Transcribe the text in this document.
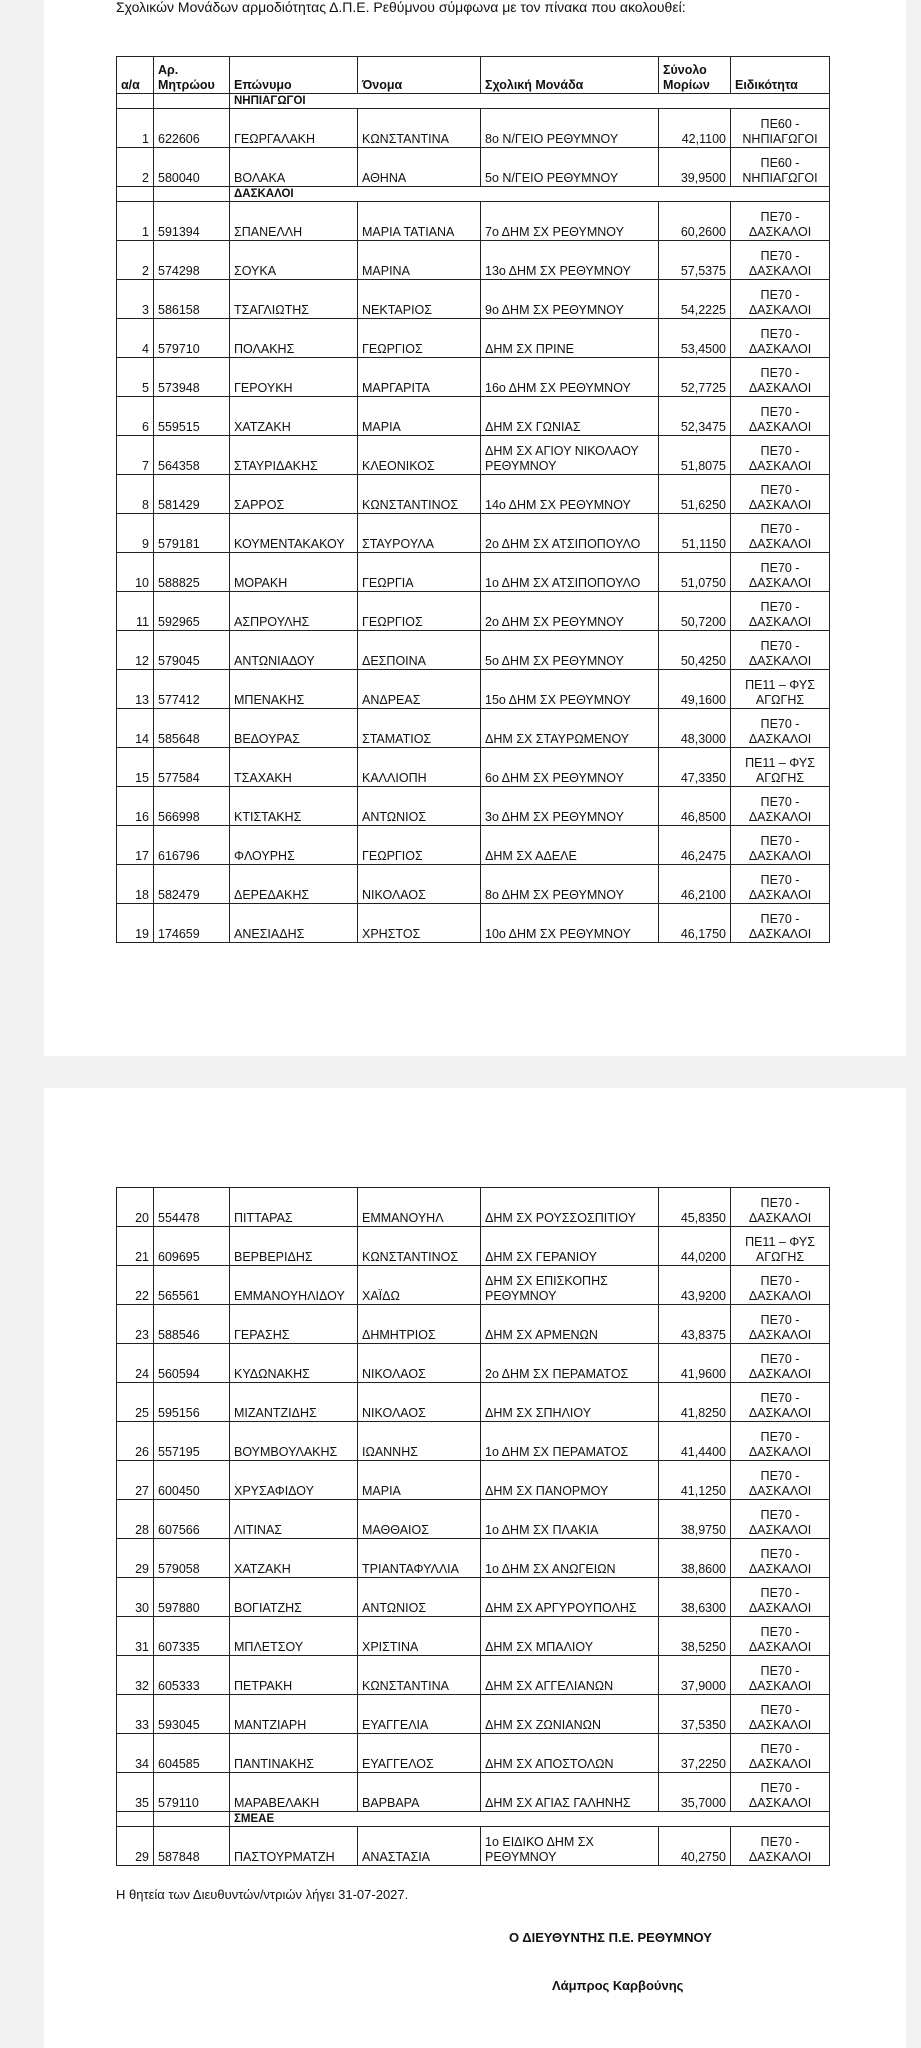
Σχολικών Μονάδων αρμοδιότητας Δ.Π.Ε. Ρεθύμνου σύμφωνα με τον πίνακα που ακολουθεί:
α/α	Αρ. Μητρώου	Επώνυμο	Όνομα	Σχολική Μονάδα	Σύνολο Μορίων	Ειδικότητα
		ΝΗΠΙΑΓΩΓΟΙ				
1	622606	ΓΕΩΡΓΑΛΑΚΗ	ΚΩΝΣΤΑΝΤΙΝΑ	8ο Ν/ΓΕΙΟ ΡΕΘΥΜΝΟΥ	42,1100	ΠΕ60 - ΝΗΠΙΑΓΩΓΟΙ
2	580040	ΒΟΛΑΚΑ	ΑΘΗΝΑ	5ο Ν/ΓΕΙΟ ΡΕΘΥΜΝΟΥ	39,9500	ΠΕ60 - ΝΗΠΙΑΓΩΓΟΙ
		ΔΑΣΚΑΛΟΙ				
1	591394	ΣΠΑΝΕΛΛΗ	ΜΑΡΙΑ ΤΑΤΙΑΝΑ	7ο ΔΗΜ ΣΧ ΡΕΘΥΜΝΟΥ	60,2600	ΠΕ70 - ΔΑΣΚΑΛΟΙ
2	574298	ΣΟΥΚΑ	ΜΑΡΙΝΑ	13ο ΔΗΜ ΣΧ ΡΕΘΥΜΝΟΥ	57,5375	ΠΕ70 - ΔΑΣΚΑΛΟΙ
3	586158	ΤΣΑΓΛΙΩΤΗΣ	ΝΕΚΤΑΡΙΟΣ	9ο ΔΗΜ ΣΧ ΡΕΘΥΜΝΟΥ	54,2225	ΠΕ70 - ΔΑΣΚΑΛΟΙ
4	579710	ΠΟΛΑΚΗΣ	ΓΕΩΡΓΙΟΣ	ΔΗΜ ΣΧ ΠΡΙΝΕ	53,4500	ΠΕ70 - ΔΑΣΚΑΛΟΙ
5	573948	ΓΕΡΟΥΚΗ	ΜΑΡΓΑΡΙΤΑ	16ο ΔΗΜ ΣΧ ΡΕΘΥΜΝΟΥ	52,7725	ΠΕ70 - ΔΑΣΚΑΛΟΙ
6	559515	ΧΑΤΖΑΚΗ	ΜΑΡΙΑ	ΔΗΜ ΣΧ ΓΩΝΙΑΣ	52,3475	ΠΕ70 - ΔΑΣΚΑΛΟΙ
7	564358	ΣΤΑΥΡΙΔΑΚΗΣ	ΚΛΕΟΝΙΚΟΣ	ΔΗΜ ΣΧ ΑΓΙΟΥ ΝΙΚΟΛΑΟΥ ΡΕΘΥΜΝΟΥ	51,8075	ΠΕ70 - ΔΑΣΚΑΛΟΙ
8	581429	ΣΑΡΡΟΣ	ΚΩΝΣΤΑΝΤΙΝΟΣ	14ο ΔΗΜ ΣΧ ΡΕΘΥΜΝΟΥ	51,6250	ΠΕ70 - ΔΑΣΚΑΛΟΙ
9	579181	ΚΟΥΜΕΝΤΑΚΑΚΟΥ	ΣΤΑΥΡΟΥΛΑ	2ο ΔΗΜ ΣΧ ΑΤΣΙΠΟΠΟΥΛΟ	51,1150	ΠΕ70 - ΔΑΣΚΑΛΟΙ
10	588825	ΜΟΡΑΚΗ	ΓΕΩΡΓΙΑ	1ο ΔΗΜ ΣΧ ΑΤΣΙΠΟΠΟΥΛΟ	51,0750	ΠΕ70 - ΔΑΣΚΑΛΟΙ
11	592965	ΑΣΠΡΟΥΛΗΣ	ΓΕΩΡΓΙΟΣ	2ο ΔΗΜ ΣΧ ΡΕΘΥΜΝΟΥ	50,7200	ΠΕ70 - ΔΑΣΚΑΛΟΙ
12	579045	ΑΝΤΩΝΙΑΔΟΥ	ΔΕΣΠΟΙΝΑ	5ο ΔΗΜ ΣΧ ΡΕΘΥΜΝΟΥ	50,4250	ΠΕ70 - ΔΑΣΚΑΛΟΙ
13	577412	ΜΠΕΝΑΚΗΣ	ΑΝΔΡΕΑΣ	15ο ΔΗΜ ΣΧ ΡΕΘΥΜΝΟΥ	49,1600	ΠΕ11 – ΦΥΣ ΑΓΩΓΗΣ
14	585648	ΒΕΔΟΥΡΑΣ	ΣΤΑΜΑΤΙΟΣ	ΔΗΜ ΣΧ ΣΤΑΥΡΩΜΕΝΟΥ	48,3000	ΠΕ70 - ΔΑΣΚΑΛΟΙ
15	577584	ΤΣΑΧΑΚΗ	ΚΑΛΛΙΟΠΗ	6ο ΔΗΜ ΣΧ ΡΕΘΥΜΝΟΥ	47,3350	ΠΕ11 – ΦΥΣ ΑΓΩΓΗΣ
16	566998	ΚΤΙΣΤΑΚΗΣ	ΑΝΤΩΝΙΟΣ	3ο ΔΗΜ ΣΧ ΡΕΘΥΜΝΟΥ	46,8500	ΠΕ70 - ΔΑΣΚΑΛΟΙ
17	616796	ΦΛΟΥΡΗΣ	ΓΕΩΡΓΙΟΣ	ΔΗΜ ΣΧ ΑΔΕΛΕ	46,2475	ΠΕ70 - ΔΑΣΚΑΛΟΙ
18	582479	ΔΕΡΕΔΑΚΗΣ	ΝΙΚΟΛΑΟΣ	8ο ΔΗΜ ΣΧ ΡΕΘΥΜΝΟΥ	46,2100	ΠΕ70 - ΔΑΣΚΑΛΟΙ
19	174659	ΑΝΕΣΙΑΔΗΣ	ΧΡΗΣΤΟΣ	10ο ΔΗΜ ΣΧ ΡΕΘΥΜΝΟΥ	46,1750	ΠΕ70 - ΔΑΣΚΑΛΟΙ
20	554478	ΠΙΤΤΑΡΑΣ	ΕΜΜΑΝΟΥΗΛ	ΔΗΜ ΣΧ ΡΟΥΣΣΟΣΠΙΤΙΟΥ	45,8350	ΠΕ70 - ΔΑΣΚΑΛΟΙ
21	609695	ΒΕΡΒΕΡΙΔΗΣ	ΚΩΝΣΤΑΝΤΙΝΟΣ	ΔΗΜ ΣΧ ΓΕΡΑΝΙΟΥ	44,0200	ΠΕ11 – ΦΥΣ ΑΓΩΓΗΣ
22	565561	ΕΜΜΑΝΟΥΗΛΙΔΟΥ	ΧΑΪΔΩ	ΔΗΜ ΣΧ ΕΠΙΣΚΟΠΗΣ ΡΕΘΥΜΝΟΥ	43,9200	ΠΕ70 - ΔΑΣΚΑΛΟΙ
23	588546	ΓΕΡΑΣΗΣ	ΔΗΜΗΤΡΙΟΣ	ΔΗΜ ΣΧ ΑΡΜΕΝΩΝ	43,8375	ΠΕ70 - ΔΑΣΚΑΛΟΙ
24	560594	ΚΥΔΩΝΑΚΗΣ	ΝΙΚΟΛΑΟΣ	2ο ΔΗΜ ΣΧ ΠΕΡΑΜΑΤΟΣ	41,9600	ΠΕ70 - ΔΑΣΚΑΛΟΙ
25	595156	ΜΙΖΑΝΤΖΙΔΗΣ	ΝΙΚΟΛΑΟΣ	ΔΗΜ ΣΧ ΣΠΗΛΙΟΥ	41,8250	ΠΕ70 - ΔΑΣΚΑΛΟΙ
26	557195	ΒΟΥΜΒΟΥΛΑΚΗΣ	ΙΩΑΝΝΗΣ	1ο ΔΗΜ ΣΧ ΠΕΡΑΜΑΤΟΣ	41,4400	ΠΕ70 - ΔΑΣΚΑΛΟΙ
27	600450	ΧΡΥΣΑΦΙΔΟΥ	ΜΑΡΙΑ	ΔΗΜ ΣΧ ΠΑΝΟΡΜΟΥ	41,1250	ΠΕ70 - ΔΑΣΚΑΛΟΙ
28	607566	ΛΙΤΙΝΑΣ	ΜΑΘΘΑΙΟΣ	1ο ΔΗΜ ΣΧ ΠΛΑΚΙΑ	38,9750	ΠΕ70 - ΔΑΣΚΑΛΟΙ
29	579058	ΧΑΤΖΑΚΗ	ΤΡΙΑΝΤΑΦΥΛΛΙΑ	1ο ΔΗΜ ΣΧ ΑΝΩΓΕΙΩΝ	38,8600	ΠΕ70 - ΔΑΣΚΑΛΟΙ
30	597880	ΒΟΓΙΑΤΖΗΣ	ΑΝΤΩΝΙΟΣ	ΔΗΜ ΣΧ ΑΡΓΥΡΟΥΠΟΛΗΣ	38,6300	ΠΕ70 - ΔΑΣΚΑΛΟΙ
31	607335	ΜΠΛΕΤΣΟΥ	ΧΡΙΣΤΙΝΑ	ΔΗΜ ΣΧ ΜΠΑΛΙΟΥ	38,5250	ΠΕ70 - ΔΑΣΚΑΛΟΙ
32	605333	ΠΕΤΡΑΚΗ	ΚΩΝΣΤΑΝΤΙΝΑ	ΔΗΜ ΣΧ ΑΓΓΕΛΙΑΝΩΝ	37,9000	ΠΕ70 - ΔΑΣΚΑΛΟΙ
33	593045	ΜΑΝΤΖΙΑΡΗ	ΕΥΑΓΓΕΛΙΑ	ΔΗΜ ΣΧ ΖΩΝΙΑΝΩΝ	37,5350	ΠΕ70 - ΔΑΣΚΑΛΟΙ
34	604585	ΠΑΝΤΙΝΑΚΗΣ	ΕΥΑΓΓΕΛΟΣ	ΔΗΜ ΣΧ ΑΠΟΣΤΟΛΩΝ	37,2250	ΠΕ70 - ΔΑΣΚΑΛΟΙ
35	579110	ΜΑΡΑΒΕΛΑΚΗ	ΒΑΡΒΑΡΑ	ΔΗΜ ΣΧ ΑΓΙΑΣ ΓΑΛΗΝΗΣ	35,7000	ΠΕ70 - ΔΑΣΚΑΛΟΙ
		ΣΜΕΑΕ				
29	587848	ΠΑΣΤΟΥΡΜΑΤΖΗ	ΑΝΑΣΤΑΣΙΑ	1ο ΕΙΔΙΚΟ ΔΗΜ ΣΧ ΡΕΘΥΜΝΟΥ	40,2750	ΠΕ70 - ΔΑΣΚΑΛΟΙ
Η θητεία των Διευθυντών/ντριών λήγει 31-07-2027.
Ο ΔΙΕΥΘΥΝΤΗΣ Π.Ε. ΡΕΘΥΜΝΟΥ
Λάμπρος Καρβούνης
